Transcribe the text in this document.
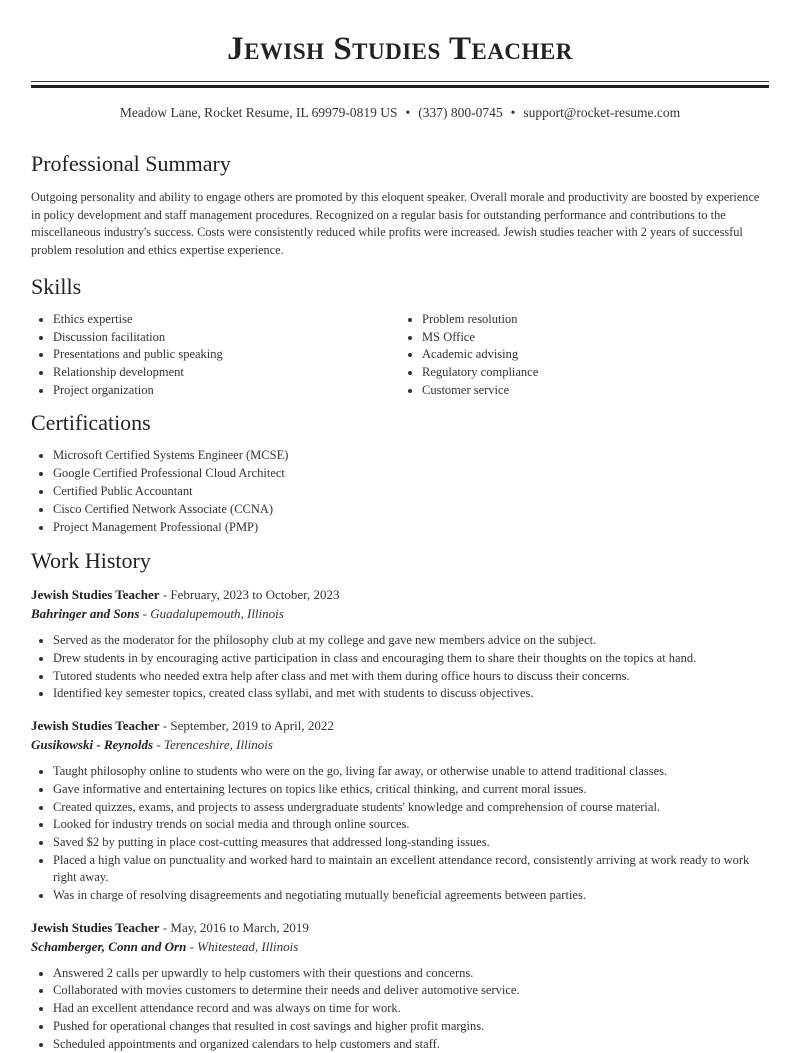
Jewish Studies Teacher
Meadow Lane, Rocket Resume, IL 69979-0819 US • (337) 800-0745 • support@rocket-resume.com
Professional Summary

Outgoing personality and ability to engage others are promoted by this eloquent speaker. Overall morale and productivity are boosted by experience in policy development and staff management procedures. Recognized on a regular basis for outstanding performance and contributions to the miscellaneous industry's success. Costs were consistently reduced while profits were increased. Jewish studies teacher with 2 years of successful problem resolution and ethics expertise experience.

Skills
• Ethics expertise
• Discussion facilitation
• Presentations and public speaking
• Relationship development
• Project organization
• Problem resolution
• MS Office
• Academic advising
• Regulatory compliance
• Customer service
Certifications
• Microsoft Certified Systems Engineer (MCSE)
• Google Certified Professional Cloud Architect
• Certified Public Accountant
• Cisco Certified Network Associate (CCNA)
• Project Management Professional (PMP)
Work History
Jewish Studies Teacher - February, 2023 to October, 2023
Bahringer and Sons - Guadalupemouth, Illinois
• Served as the moderator for the philosophy club at my college and gave new members advice on the subject.
• Drew students in by encouraging active participation in class and encouraging them to share their thoughts on the topics at hand.
• Tutored students who needed extra help after class and met with them during office hours to discuss their concerns.
• Identified key semester topics, created class syllabi, and met with students to discuss objectives.
Jewish Studies Teacher - September, 2019 to April, 2022
Gusikowski - Reynolds - Terenceshire, Illinois
• Taught philosophy online to students who were on the go, living far away, or otherwise unable to attend traditional classes.
• Gave informative and entertaining lectures on topics like ethics, critical thinking, and current moral issues.
• Created quizzes, exams, and projects to assess undergraduate students' knowledge and comprehension of course material.
• Looked for industry trends on social media and through online sources.
• Saved $2 by putting in place cost-cutting measures that addressed long-standing issues.
• Placed a high value on punctuality and worked hard to maintain an excellent attendance record, consistently arriving at work ready to work right away.
• Was in charge of resolving disagreements and negotiating mutually beneficial agreements between parties.
Jewish Studies Teacher - May, 2016 to March, 2019
Schamberger, Conn and Orn - Whitestead, Illinois
• Answered 2 calls per upwardly to help customers with their questions and concerns.
• Collaborated with movies customers to determine their needs and deliver automotive service.
• Had an excellent attendance record and was always on time for work.
• Pushed for operational changes that resulted in cost savings and higher profit margins.
• Scheduled appointments and organized calendars to help customers and staff.
